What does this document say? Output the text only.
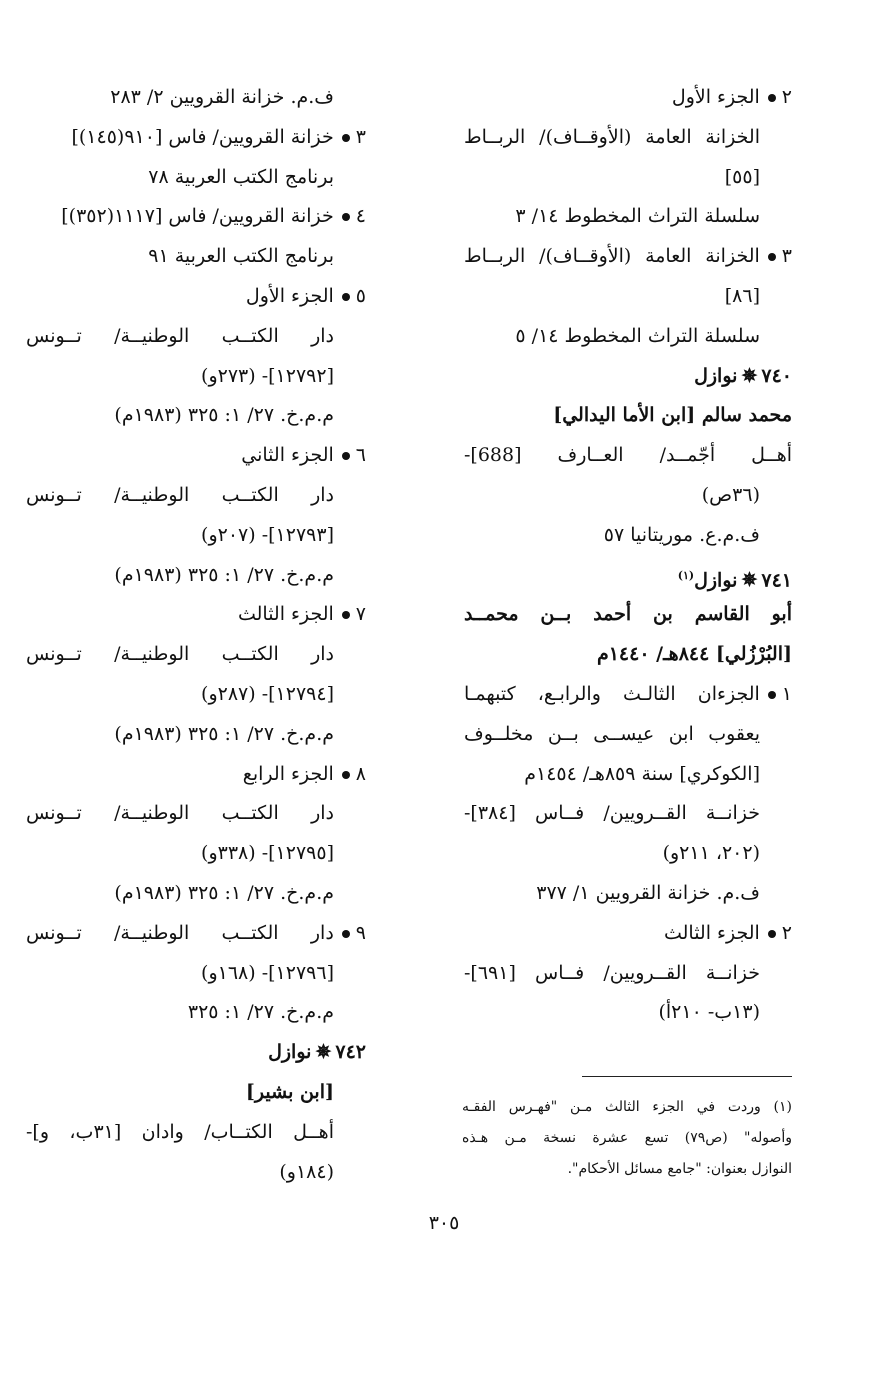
٢الجزء الأول
الخزانة العامة (الأوقــاف)/ الربــاط
[٥٥]
سلسلة التراث المخطوط ١٤/ ٣
٣الخزانة العامة (الأوقــاف)/ الربــاط
[٨٦]
سلسلة التراث المخطوط ١٤/ ٥
٧٤٠✵نوازل
محمد سالم [ابن الأما اليدالي]
أهــل أجّمــد/ العــارف [688]-
(٣٦ص)
ف.م.ع. موريتانيا ٥٧
٧٤١✵نوازل$^{(١)}$
أبو القاسم بن أحمد بــن محمــد
[البُرْزُلي] ٨٤٤هـ/ ١٤٤٠م
١الجزءان الثالـث والرابـع، كتبهمـا
يعقوب ابن عيســى بــن مخلــوف
[الكوكري] سنة ٨٥٩هـ/ ١٤٥٤م
خزانــة القــرويين/ فــاس [٣٨٤]-
(٢٠٢، ٢١١و)
ف.م. خزانة القرويين ١/ ٣٧٧
٢الجزء الثالث
خزانــة القــرويين/ فــاس [٦٩١]-
(١٣ب- ٢١٠أ)
ف.م. خزانة القرويين ٢/ ٢٨٣
٣خزانة القرويين/ فاس [٩١٠(١٤٥)]
برنامج الكتب العربية ٧٨
٤خزانة القرويين/ فاس [١١١٧(٣٥٢)]
برنامج الكتب العربية ٩١
٥الجزء الأول
دار الكتــب الوطنيــة/ تــونس
[١٢٧٩٢]- (٢٧٣و)
م.م.خ. ٢٧/ ١: ٣٢٥ (١٩٨٣م)
٦الجزء الثاني
دار الكتــب الوطنيــة/ تــونس
[١٢٧٩٣]- (٢٠٧و)
م.م.خ. ٢٧/ ١: ٣٢٥ (١٩٨٣م)
٧الجزء الثالث
دار الكتــب الوطنيــة/ تــونس
[١٢٧٩٤]- (٢٨٧و)
م.م.خ. ٢٧/ ١: ٣٢٥ (١٩٨٣م)
٨الجزء الرابع
دار الكتــب الوطنيــة/ تــونس
[١٢٧٩٥]- (٣٣٨و)
م.م.خ. ٢٧/ ١: ٣٢٥ (١٩٨٣م)
٩دار الكتــب الوطنيــة/ تــونس
[١٢٧٩٦]- (١٦٨و)
م.م.خ. ٢٧/ ١: ٣٢٥
٧٤٢✵نوازل
[ابن بشير]
أهــل الكتــاب/ وادان [٣١ب، و]-
(١٨٤و)
(١) وردت في الجزء الثالث مـن "فهـرس الفقـه
وأصوله" (ص٧٩) تسع عشرة نسخة مـن هـذه
النوازل بعنوان: "جامع مسائل الأحكام".
٣٠٥
